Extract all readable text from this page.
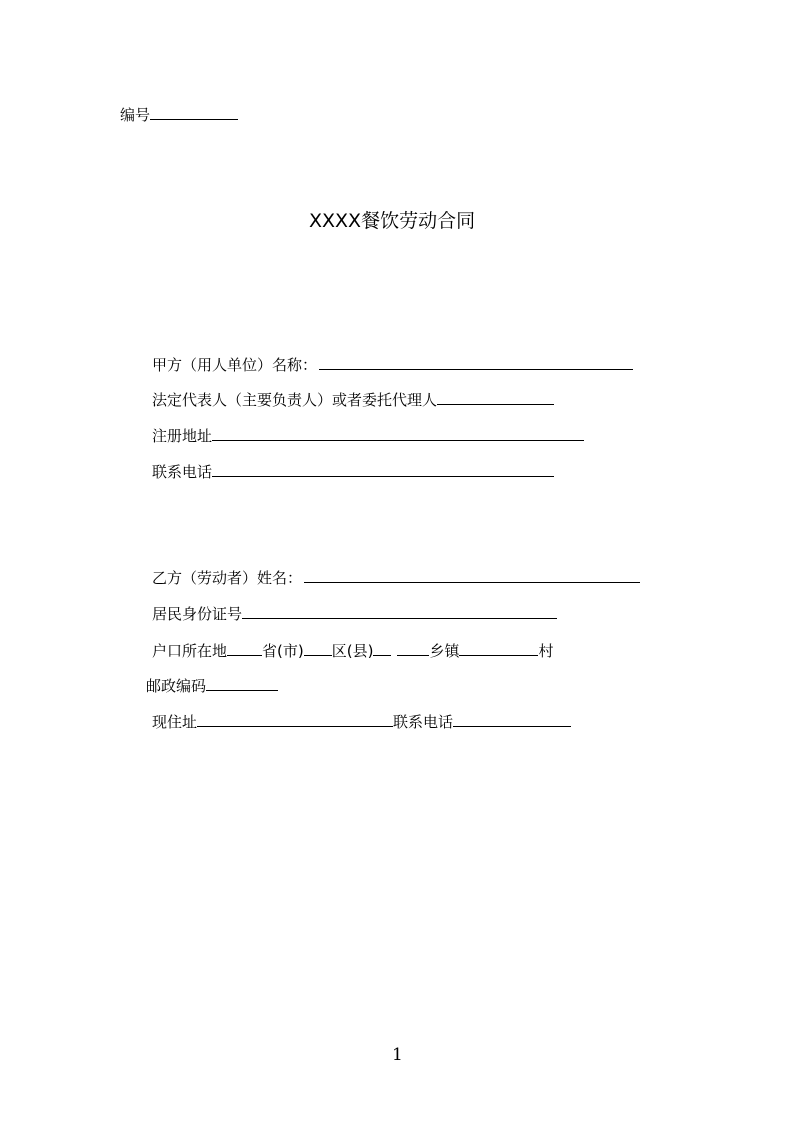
编号
XXXX餐饮劳动合同
甲方（用人单位）名称：
法定代表人（主要负责人）或者委托代理人
注册地址
联系电话
乙方（劳动者）姓名：
居民身份证号
户口所在地 省(市) 区(县)	乡镇	村
邮政编码
现住址	联系电话
1
